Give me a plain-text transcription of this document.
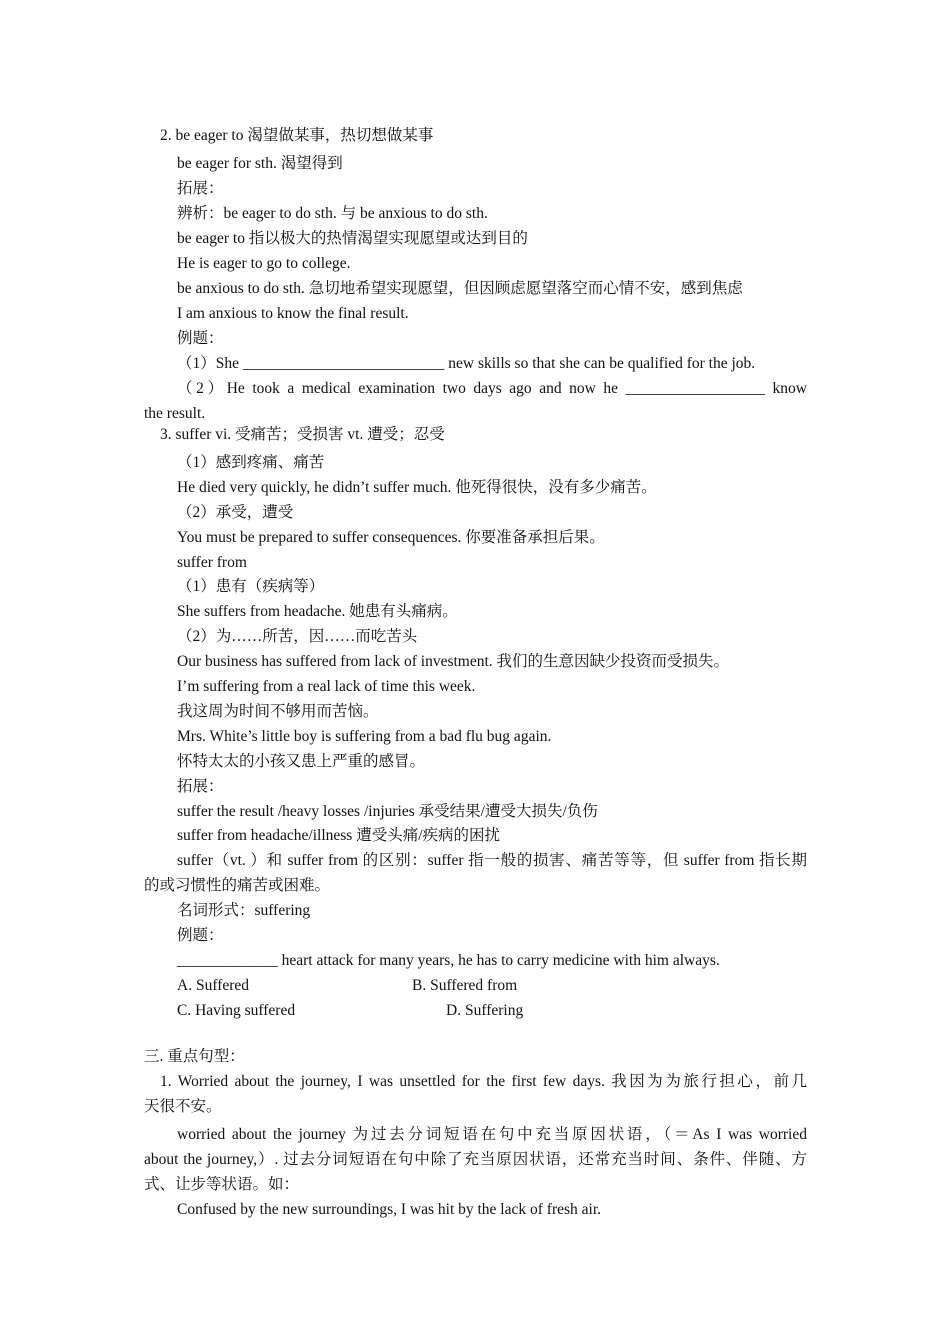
2. be eager to 渴望做某事，热切想做某事
be eager for sth. 渴望得到
拓展：
辨析：be eager to do sth. 与 be anxious to do sth.
be eager to 指以极大的热情渴望实现愿望或达到目的
He is eager to go to college.
be anxious to do sth. 急切地希望实现愿望，但因顾虑愿望落空而心情不安，感到焦虑
I am anxious to know the final result.
例题：
（1）She __________________________ new skills so that she can be qualified for the job.
（2）He took a medical examination two days ago and now he __________________ know
the result.
3. suffer vi. 受痛苦；受损害 vt. 遭受；忍受
（1）感到疼痛、痛苦
He died very quickly, he didn’t suffer much. 他死得很快，没有多少痛苦。
（2）承受，遭受
You must be prepared to suffer consequences. 你要准备承担后果。
suffer from
（1）患有（疾病等）
She suffers from headache. 她患有头痛病。
（2）为……所苦，因……而吃苦头
Our business has suffered from lack of investment. 我们的生意因缺少投资而受损失。
I’m suffering from a real lack of time this week.
我这周为时间不够用而苦恼。
Mrs. White’s little boy is suffering from a bad flu bug again.
怀特太太的小孩又患上严重的感冒。
拓展：
suffer the result /heavy losses /injuries 承受结果/遭受大损失/负伤
suffer from headache/illness 遭受头痛/疾病的困扰
suffer（vt. ）和 suffer from 的区别：suffer 指一般的损害、痛苦等等，但 suffer from 指长期
的或习惯性的痛苦或困难。
名词形式：suffering
例题：
_____________ heart attack for many years, he has to carry medicine with him always.
A. Suffered	B. Suffered from
C. Having suffered	D. Suffering
三. 重点句型：
1. Worried about the journey, I was unsettled for the first few days. 我因为为旅行担心，前几
天很不安。
worried about the journey 为过去分词短语在句中充当原因状语，（＝As I was worried
about the journey,）. 过去分词短语在句中除了充当原因状语，还常充当时间、条件、伴随、方
式、让步等状语。如：
Confused by the new surroundings, I was hit by the lack of fresh air.
